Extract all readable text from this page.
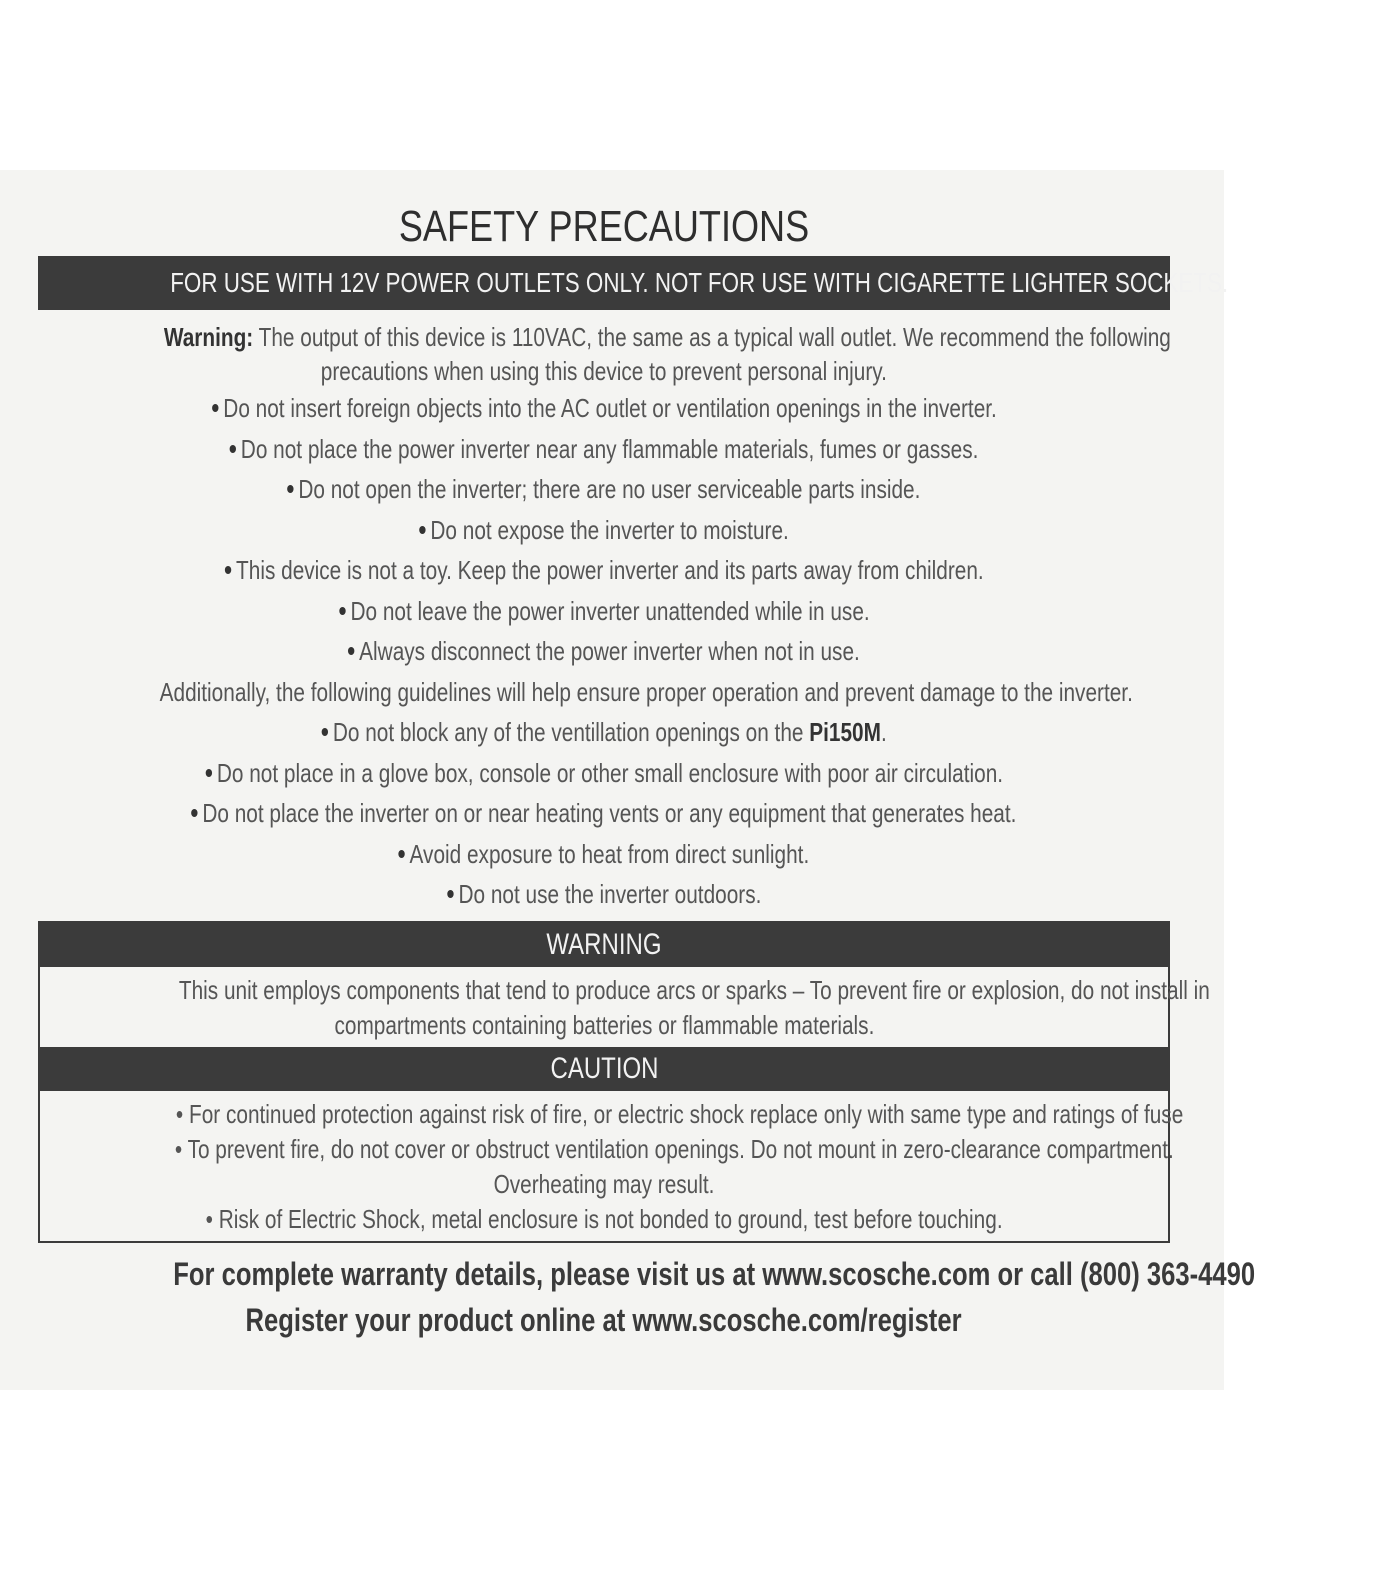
SAFETY PRECAUTIONS
FOR USE WITH 12V POWER OUTLETS ONLY. NOT FOR USE WITH CIGARETTE LIGHTER SOCKETS.
Warning: The output of this device is 110VAC, the same as a typical wall outlet. We recommend the following
precautions when using this device to prevent personal injury.
Do not insert foreign objects into the AC outlet or ventilation openings in the inverter.
Do not place the power inverter near any flammable materials, fumes or gasses.
Do not open the inverter; there are no user serviceable parts inside.
Do not expose the inverter to moisture.
This device is not a toy. Keep the power inverter and its parts away from children.
Do not leave the power inverter unattended while in use.
Always disconnect the power inverter when not in use.
Additionally, the following guidelines will help ensure proper operation and prevent damage to the inverter.
Do not block any of the ventillation openings on the Pi150M.
Do not place in a glove box, console or other small enclosure with poor air circulation.
Do not place the inverter on or near heating vents or any equipment that generates heat.
Avoid exposure to heat from direct sunlight.
Do not use the inverter outdoors.
WARNING
This unit employs components that tend to produce arcs or sparks – To prevent fire or explosion, do not install in
compartments containing batteries or flammable materials.
CAUTION
• For continued protection against risk of fire, or electric shock replace only with same type and ratings of fuse
• To prevent fire, do not cover or obstruct ventilation openings. Do not mount in zero-clearance compartment.
Overheating may result.
• Risk of Electric Shock, metal enclosure is not bonded to ground, test before touching.
For complete warranty details, please visit us at www.scosche.com or call (800) 363-4490
Register your product online at www.scosche.com/register
